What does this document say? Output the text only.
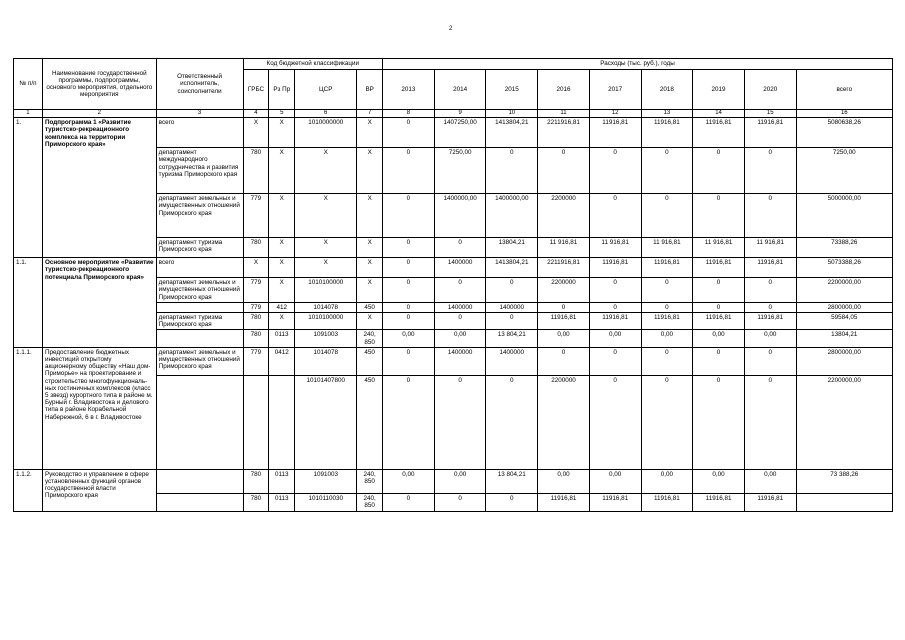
2
№ п/п	Наименование государственной программы, подпрограммы, основного мероприятия, отдельного мероприятия	Ответственный исполнитель, соисполнители	Код бюджетной классификации				Расходы (тыс. руб.), годы								
			ГРБС	Рз Пр	ЦСР	ВР	2013	2014	2015	2016	2017	2018	2019	2020	всего
1	2	3	4	5	6	7	8	9	10	11	12	13	14	15	16
1.	Подпрограмма 1 «Развитие туристско-рекреационного комплекса на территории Приморского края»	всего	X	X	1010000000	X	0	1407250,00	1413804,21	2211916,81	11916,81	11916,81	11916,81	11916,81	5080638,26
		департамент международного сотрудничества и развития туризма Приморского края	780	X	X	X	0	7250,00	0	0	0	0	0	0	7250,00
		департамент земельных и имущественных отношений Приморского края	779	X	X	X	0	1400000,00	1400000,00	2200000	0	0	0	0	5000000,00
		департамент туризма Приморского края	780	X	X	X	0	0	13804,21	11 916,81	11 916,81	11 916,81	11 916,81	11 916,81	73388,26
1.1.	Основное мероприятие «Развитие туристско-рекреационного потенциала Приморского края»	всего	X	X	X	X	0	1400000	1413804,21	2211916,81	11916,81	11916,81	11916,81	11916,81	5073388,26
		департамент земельных и имущественных отношений Приморского края	779	X	1010100000	X	0	0	0	2200000	0	0	0	0	2200000,00
			779	412	1014078	450	0	1400000	1400000	0	0	0	0	0	2800000,00
		департамент туризма Приморского края	780	X	1010100000	X	0	0	0	11916,81	11916,81	11916,81	11916,81	11916,81	59584,05
			780	0113	1091003	240, 850	0,00	0,00	13 804,21	0,00	0,00	0,00	0,00	0,00	13804,21
1.1.1.	Предоставление бюджетных инвестиций открытому акционерному обществу «Наш дом-Приморье» на проектирование и строительство многофункциональ-ных гостиничных комплексов (класс 5 звезд) курортного типа в районе м. Бурный г. Владивостока и делового типа в районе Корабельной Набережной, 6 в г. Владивостоке	департамент земельных и имущественных отношений Приморского края	779	0412	1014078	450	0	1400000	1400000	0	0	0	0	0	2800000,00
					10101407800	450	0	0	0	2200000	0	0	0	0	2200000,00
1.1.2.	Руководство и управление в сфере установленных функций органов государственной власти Приморского края		780	0113	1091003	240, 850	0,00	0,00	13 804,21	0,00	0,00	0,00	0,00	0,00	73 388,26
			780	0113	1010110030	240, 850	0	0	0	11916,81	11916,81	11916,81	11916,81	11916,81	
